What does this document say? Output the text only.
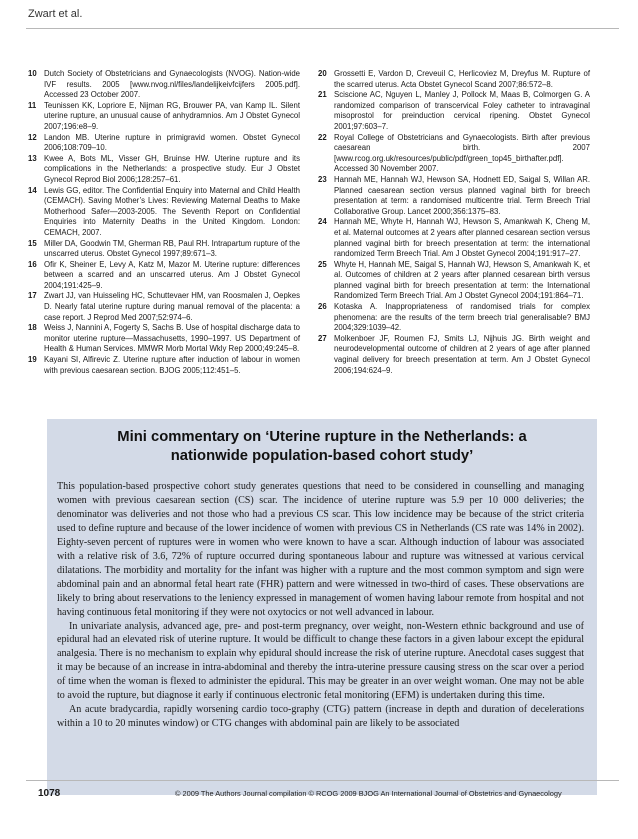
Zwart et al.
10 Dutch Society of Obstetricians and Gynaecologists (NVOG). Nation-wide IVF results. 2005 [www.nvog.nl/files/landelijkeivfcijfers 2005.pdf]. Accessed 23 October 2007.
11 Teunissen KK, Lopriore E, Nijman RG, Brouwer PA, van Kamp IL. Silent uterine rupture, an unusual cause of anhydramnios. Am J Obstet Gynecol 2007;196:e8–9.
12 Landon MB. Uterine rupture in primigravid women. Obstet Gynecol 2006;108:709–10.
13 Kwee A, Bots ML, Visser GH, Bruinse HW. Uterine rupture and its complications in the Netherlands: a prospective study. Eur J Obstet Gynecol Reprod Biol 2006;128:257–61.
14 Lewis GG, editor. The Confidential Enquiry into Maternal and Child Health (CEMACH). Saving Mother’s Lives: Reviewing Maternal Deaths to Make Motherhood Safer—2003-2005. The Seventh Report on Confidential Enquiries into Maternity Deaths in the United Kingdom. London: CEMACH, 2007.
15 Miller DA, Goodwin TM, Gherman RB, Paul RH. Intrapartum rupture of the unscarred uterus. Obstet Gynecol 1997;89:671–3.
16 Ofir K, Sheiner E, Levy A, Katz M, Mazor M. Uterine rupture: differences between a scarred and an unscarred uterus. Am J Obstet Gynecol 2004;191:425–9.
17 Zwart JJ, van Huisseling HC, Schuttevaer HM, van Roosmalen J, Oepkes D. Nearly fatal uterine rupture during manual removal of the placenta: a case report. J Reprod Med 2007;52:974–6.
18 Weiss J, Nannini A, Fogerty S, Sachs B. Use of hospital discharge data to monitor uterine rupture—Massachusetts, 1990–1997. US Department of Health & Human Services. MMWR Morb Mortal Wkly Rep 2000;49:245–8.
19 Kayani SI, Alfirevic Z. Uterine rupture after induction of labour in women with previous caesarean section. BJOG 2005;112:451–5.
20 Grossetti E, Vardon D, Creveuil C, Herlicoviez M, Dreyfus M. Rupture of the scarred uterus. Acta Obstet Gynecol Scand 2007;86:572–8.
21 Sciscione AC, Nguyen L, Manley J, Pollock M, Maas B, Colmorgen G. A randomized comparison of transcervical Foley catheter to intravaginal misoprostol for preinduction cervical ripening. Obstet Gynecol 2001;97:603–7.
22 Royal College of Obstetricians and Gynaecologists. Birth after previous caesarean birth. 2007 [www.rcog.org.uk/resources/public/pdf/green_top45_birthafter.pdf]. Accessed 30 November 2007.
23 Hannah ME, Hannah WJ, Hewson SA, Hodnett ED, Saigal S, Willan AR. Planned caesarean section versus planned vaginal birth for breech presentation at term: a randomised multicentre trial. Term Breech Trial Collaborative Group. Lancet 2000;356:1375–83.
24 Hannah ME, Whyte H, Hannah WJ, Hewson S, Amankwah K, Cheng M, et al. Maternal outcomes at 2 years after planned cesarean section versus planned vaginal birth for breech presentation at term: the international randomized Term Breech Trial. Am J Obstet Gynecol 2004;191:917–27.
25 Whyte H, Hannah ME, Saigal S, Hannah WJ, Hewson S, Amankwah K, et al. Outcomes of children at 2 years after planned cesarean birth versus planned vaginal birth for breech presentation at term: the International Randomized Term Breech Trial. Am J Obstet Gynecol 2004;191:864–71.
26 Kotaska A. Inappropriateness of randomised trials for complex phenomena: are the results of the term breech trial generalisable? BMJ 2004;329:1039–42.
27 Molkenboer JF, Roumen FJ, Smits LJ, Nijhuis JG. Birth weight and neurodevelopmental outcome of children at 2 years of age after planned vaginal delivery for breech presentation at term. Am J Obstet Gynecol 2006;194:624–9.
Mini commentary on ‘Uterine rupture in the Netherlands: a nationwide population-based cohort study’

This population-based prospective cohort study generates questions that need to be considered in counselling and managing women with previous caesarean section (CS) scar. The incidence of uterine rupture was 5.9 per 10 000 deliveries; the denominator was deliveries and not those who had a previous CS scar. This low incidence may be because of the strict criteria used to define rupture and because of the lower incidence of women with previous CS in Netherlands (CS rate was 14% in 2002). Eighty-seven percent of ruptures were in women who were known to have a scar. Although induction of labour was associated with a relative risk of 3.6, 72% of rupture occurred during spontaneous labour and rupture was witnessed at various cervical dilatations. The morbidity and mortality for the infant was higher with a rupture and the most common symptom and sign were abdominal pain and an abnormal fetal heart rate (FHR) pattern and were witnessed in two-third of cases. These observations are likely to bring about reservations to the leniency expressed in management of women having labour remote from hospital and not having continuous fetal monitoring if they were not oxytocics or not well advanced in labour.

In univariate analysis, advanced age, pre- and post-term pregnancy, over weight, non-Western ethnic background and use of epidural had an elevated risk of uterine rupture. It would be difficult to change these factors in a given labour except the epidural analgesia. There is no mechanism to explain why epidural should increase the risk of uterine rupture. Anecdotal cases suggest that it may be because of an increase in intra-abdominal and thereby the intra-uterine pressure causing stress on the scar over a period of time when the woman is flexed to administer the epidural. This may be greater in an over weight woman. One may not be able to avoid the rupture, but diagnose it early if continuous electronic fetal monitoring (EFM) is undertaken during this time.

An acute bradycardia, rapidly worsening cardio toco-graphy (CTG) pattern (increase in depth and duration of decelerations within a 10 to 20 minutes window) or CTG changes with abdominal pain are likely to be associated

1078	© 2009 The Authors Journal compilation © RCOG 2009 BJOG An International Journal of Obstetrics and Gynaecology
